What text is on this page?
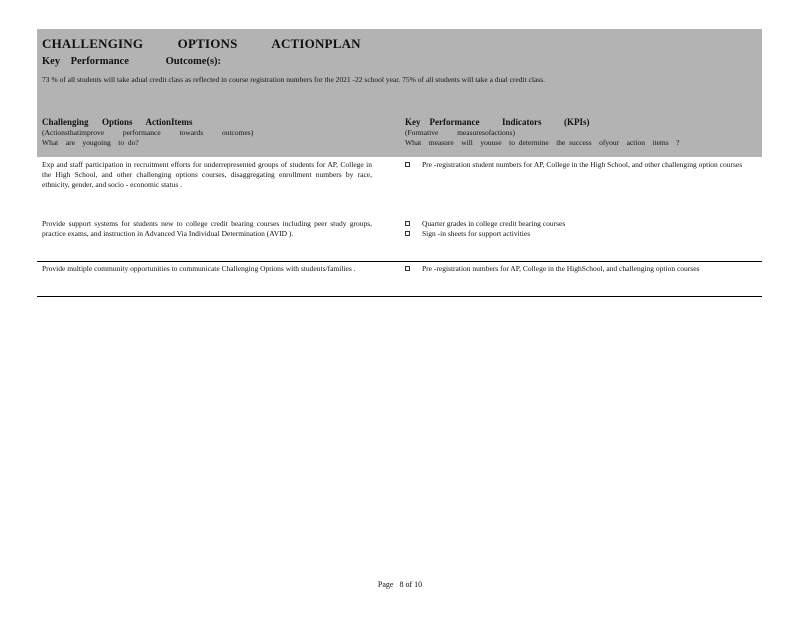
CHALLENGING          OPTIONS          ACTIONPLAN
Key    Performance              Outcome(s):
73 % of all students will take adual credit class as reflected in course registration numbers for the 2021 -22 school year. 75% of all students will take a dual credit class.
Challenging      Options      ActionItems
(Actionsthatimprove          performance          towards          outcomes)
What    are    yougoing    to  do?
Key    Performance          Indicators          (KPIs)
(Formative          measuresofactions)
What    measure    will    youuse    to  determine    the  success    ofyour    action    items    ?
Exp and staff participation in recruitment efforts for underrepresented groups of students for AP, College in the High School, and other challenging options courses, disaggregating enrollment numbers by race, ethnicity, gender, and socio - economic status .
Pre -registration student numbers for AP, College in the High School, and other challenging option courses
Provide support systems for students new to college credit bearing courses including peer study groups, practice exams, and instruction in Advanced Via Individual Determination (AVID ).
Quarter grades in college credit bearing courses
Sign -in sheets for support activities
Provide multiple community opportunities to communicate Challenging Options with students/families .	Pre -registration numbers for AP, College in the HighSchool, and challenging option courses
Page   8 of 10
